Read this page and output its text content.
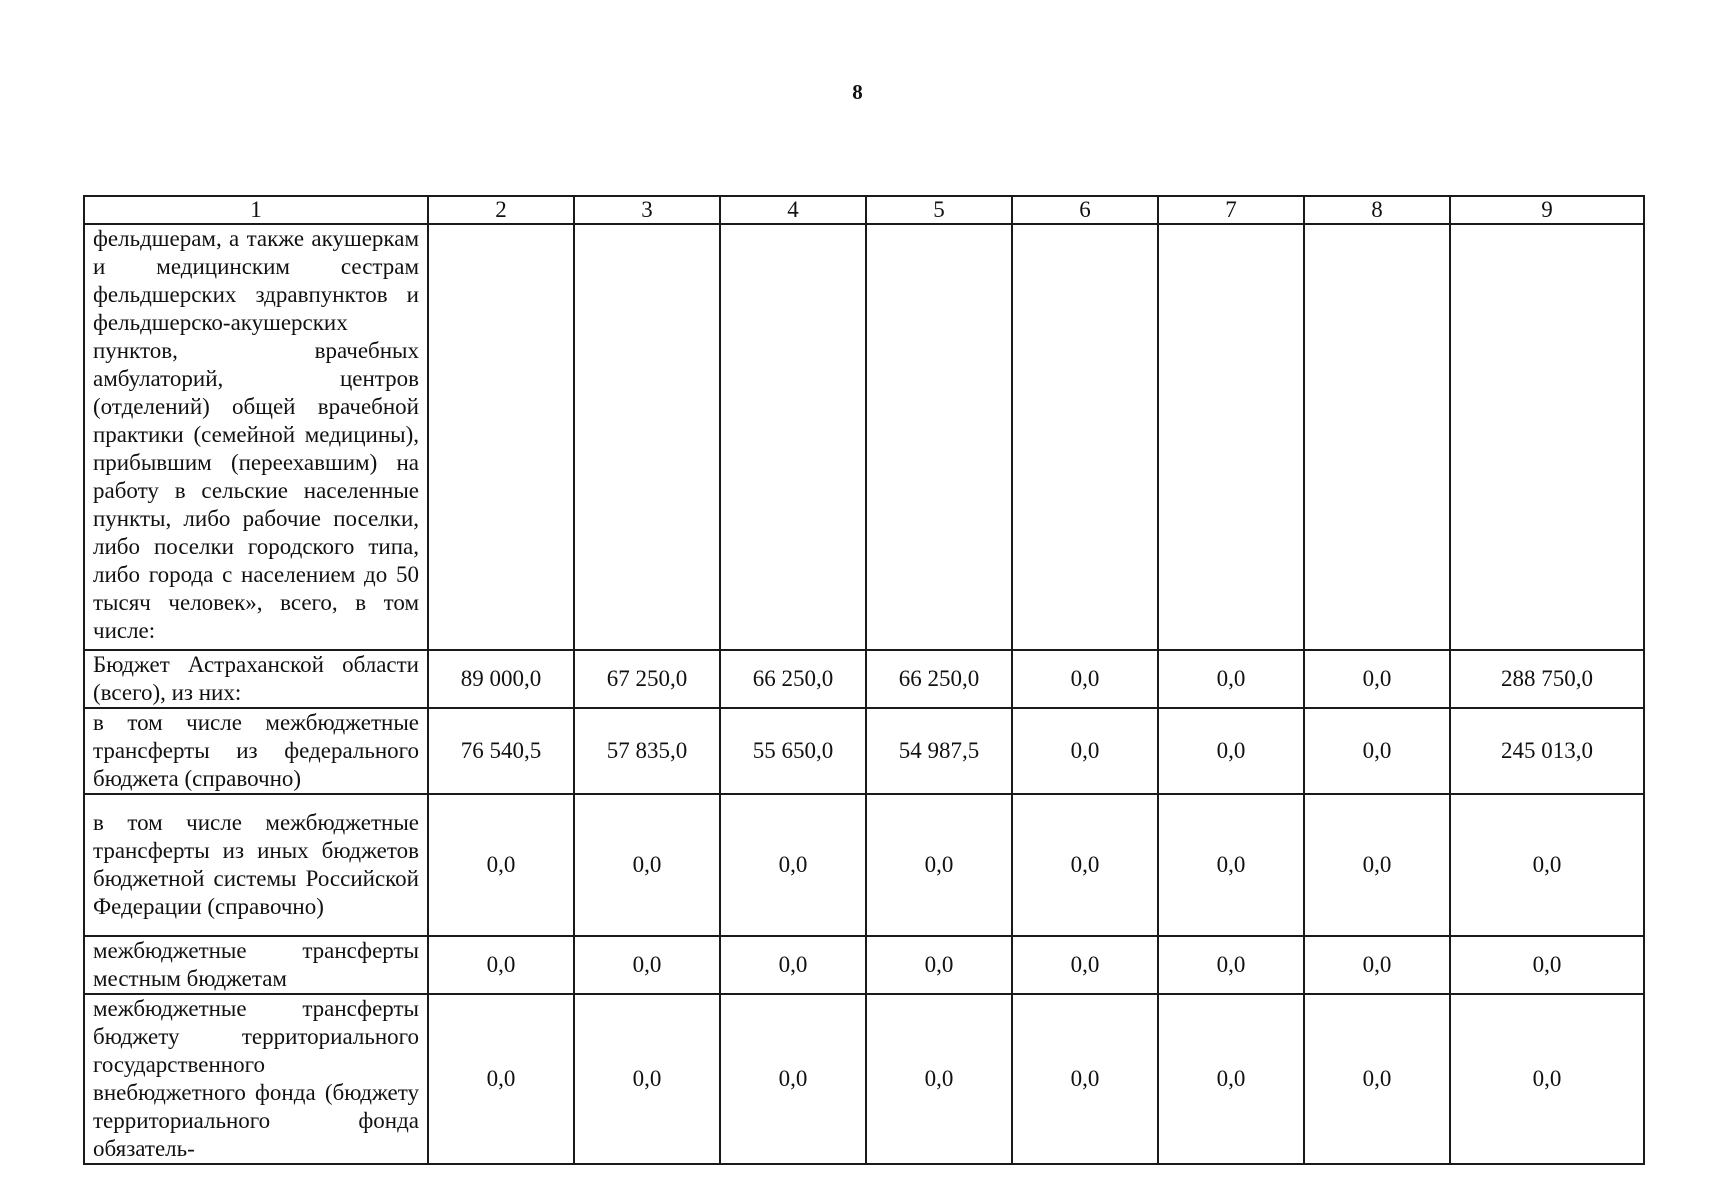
8
1	2	3	4	5	6	7	8	9
фельдшерам, а также акушеркам и медицинским сестрам фельдшерских здравпунктов и фельдшерско-акушерских пунктов, врачебных амбулаторий, центров (отделений) общей врачебной практики (семейной медицины), прибывшим (переехавшим) на работу в сельские населенные пункты, либо рабочие поселки, либо поселки городского типа, либо города с населением до 50 тысяч человек», всего, в том числе:								
Бюджет Астраханской области (всего), из них:	89 000,0	67 250,0	66 250,0	66 250,0	0,0	0,0	0,0	288 750,0
в том числе межбюджетные трансферты из федерального бюджета (справочно)	76 540,5	57 835,0	55 650,0	54 987,5	0,0	0,0	0,0	245 013,0
в том числе межбюджетные трансферты из иных бюджетов бюджетной системы Российской Федерации (справочно)	0,0	0,0	0,0	0,0	0,0	0,0	0,0	0,0
межбюджетные трансферты местным бюджетам	0,0	0,0	0,0	0,0	0,0	0,0	0,0	0,0
межбюджетные трансферты бюджету территориального государственного внебюджетного фонда (бюджету территориального фонда обязатель-	0,0	0,0	0,0	0,0	0,0	0,0	0,0	0,0
